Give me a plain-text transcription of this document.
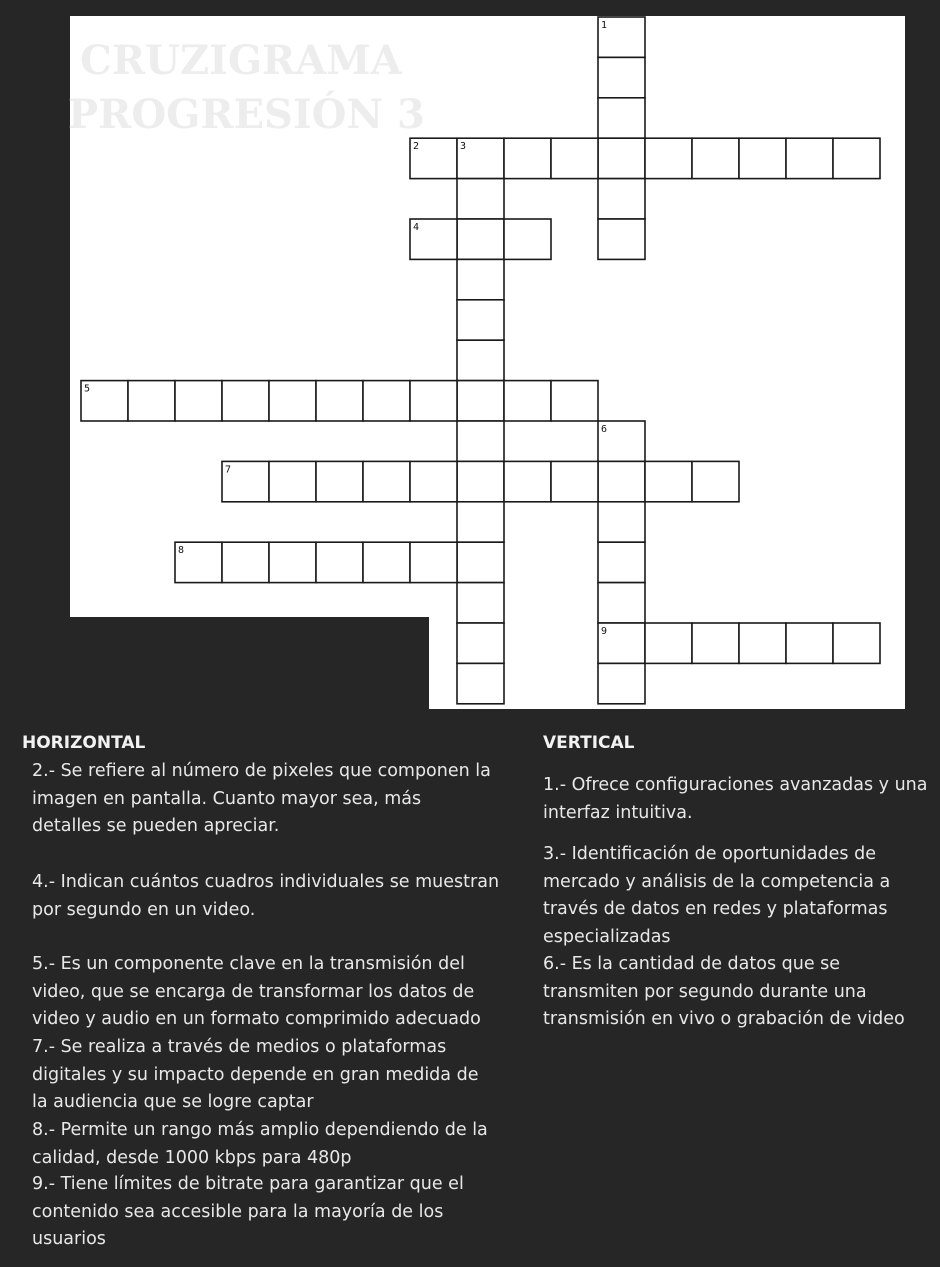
CRUZIGRAMA
PROGRESIÓN 3
1
2	3
4
5
6
7
8
9
HORIZONTAL	VERTICAL

2.- Se refiere al número de pixeles que componen la
imagen en pantalla. Cuanto mayor sea, más
detalles se pueden apreciar.

4.- Indican cuántos cuadros individuales se muestran
por segundo en un video.

5.- Es un componente clave en la transmisión del
video, que se encarga de transformar los datos de
video y audio en un formato comprimido adecuado

7.- Se realiza a través de medios o plataformas
digitales y su impacto depende en gran medida de
la audiencia que se logre captar

8.- Permite un rango más amplio dependiendo de la
calidad, desde 1000 kbps para 480p

9.- Tiene límites de bitrate para garantizar que el
contenido sea accesible para la mayoría de los
usuarios

1.- Ofrece configuraciones avanzadas y una
interfaz intuitiva.

3.- Identificación de oportunidades de
mercado y análisis de la competencia a
través de datos en redes y plataformas
especializadas

6.- Es la cantidad de datos que se
transmiten por segundo durante una
transmisión en vivo o grabación de video
